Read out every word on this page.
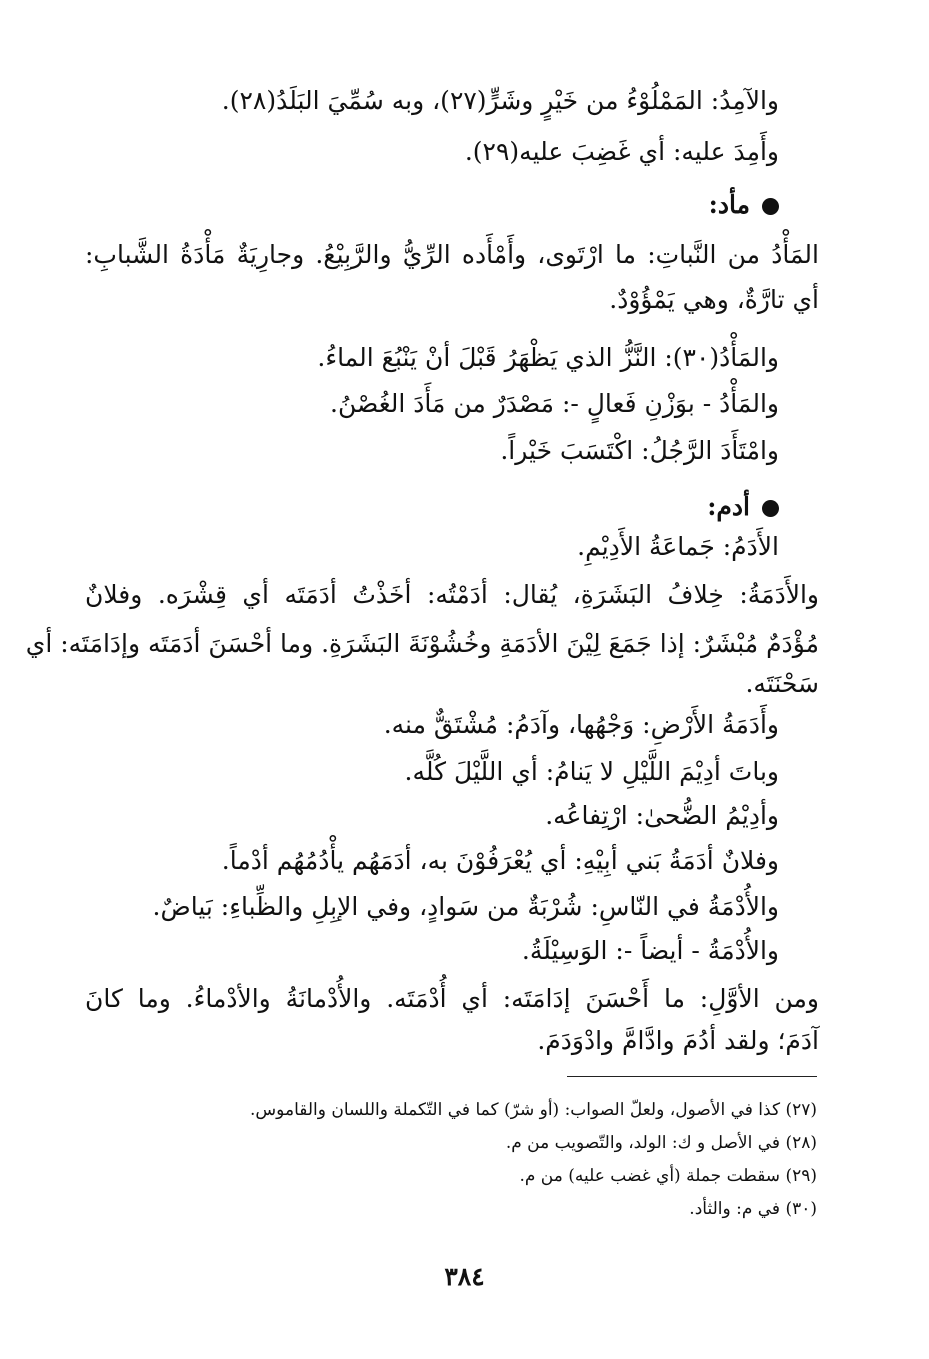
والآمِدُ: المَمْلُوْءُ من خَيْرٍ وشَرٍّ(٢٧)، وبه سُمِّيَ البَلَدُ(٢٨).
وأَمِدَ عليه: أي غَضِبَ عليه(٢٩).
مأد:
المَأْدُ من النَّباتِ: ما ارْتَوى، وأَمْأَده الرِّيُّ والرَّبِيْعُ. وجارِيَةٌ مَأْدَةُ الشَّبابِ:
أي تارَّةٌ، وهي يَمْؤُوْدٌ.
والمَأْدُ(٣٠): النَّزُّ الذي يَظْهَرُ قَبْلَ أنْ يَنْبُعَ الماءُ.
والمَأْدُ - بوَزْنِ فَعالٍ -: مَصْدَرٌ من مَأَدَ الغُصْنُ.
وامْتَأَدَ الرَّجُلُ: اكْتَسَبَ خَيْراً.
أدم:
الأَدَمُ: جَماعَةُ الأَدِيْمِ.
والأَدَمَةُ: خِلافُ البَشَرَةِ، يُقال: أدَمْتُه: أخَذْتُ أدَمَتَه أي قِشْرَه. وفلانٌ
مُؤْدَمٌ مُبْشَرٌ: إذا جَمَعَ لِيْنَ الأدَمَةِ وخُشُوْنَةَ البَشَرَةِ. وما أحْسَنَ أدَمَتَه وإدَامَتَه: أي
سَحْنَتَه.
وأَدَمَةُ الأَرْضِ: وَجْهُها، وآدَمُ: مُشْتَقٌّ منه.
وباتَ أدِيْمَ اللَّيْلِ لا يَنامُ: أي اللَّيْلَ كُلَّه.
وأدِيْمُ الضُّحىٰ: ارْتِفاعُه.
وفلانٌ أدَمَةُ بَني أبِيْهِ: أي يُعْرَفُوْنَ به، أدَمَهُم يأْدُمُهُم أدْماً.
والأُدْمَةُ في النّاسِ: شُرْبَةٌ من سَوادٍ، وفي الإبِلِ والظِّباءِ: بَياضٌ.
والأُدْمَةُ - أيضاً -: الوَسِيْلَةُ.
ومن الأوَّلِ: ما أَحْسَنَ إدَامَتَه: أي أُدْمَتَه. والأُدْمانَةُ والأدْماءُ. وما كانَ
آدَمَ؛ ولقد أدُمَ وادَّامَّ وادْوَدَمَ.
(٢٧) كذا في الأصول، ولعلّ الصواب: (أو شرّ) كما في التّكملة واللسان والقاموس.
(٢٨) في الأصل و ك: الولد، والتّصويب من م.
(٢٩) سقطت جملة (أي غضب عليه) من م.
(٣٠) في م: والثأد.
٣٨٤
